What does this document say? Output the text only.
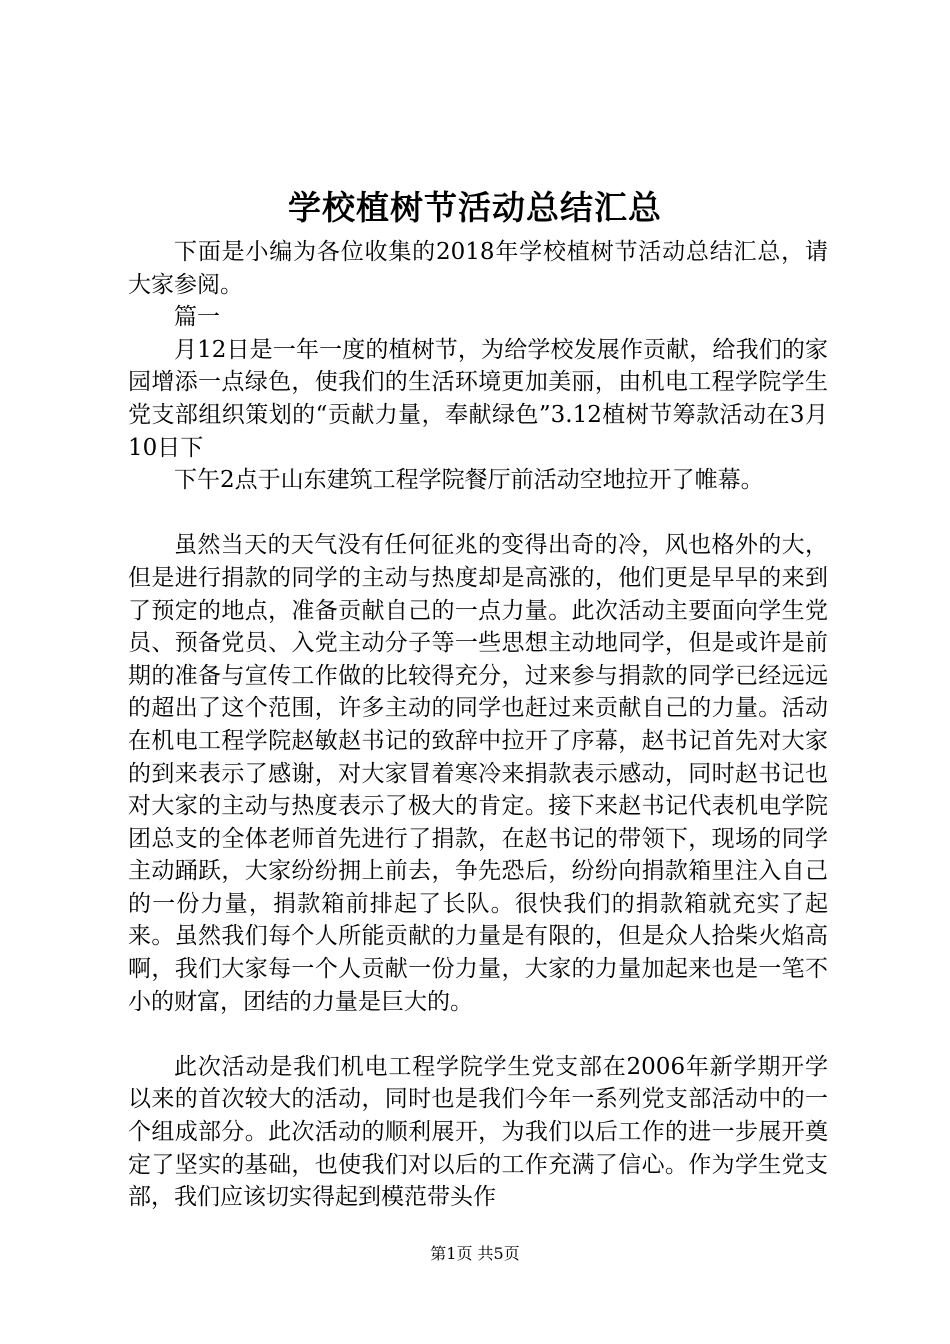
学校植树节活动总结汇总

下面是小编为各位收集的2018年学校植树节活动总结汇总，请大家参阅。

篇一

月12日是一年一度的植树节，为给学校发展作贡献，给我们的家园增添一点绿色，使我们的生活环境更加美丽，由机电工程学院学生党支部组织策划的“贡献力量，奉献绿色”3.12植树节筹款活动在3月10日下

下午2点于山东建筑工程学院餐厅前活动空地拉开了帷幕。

虽然当天的天气没有任何征兆的变得出奇的冷，风也格外的大，但是进行捐款的同学的主动与热度却是高涨的，他们更是早早的来到了预定的地点，准备贡献自己的一点力量。此次活动主要面向学生党员、预备党员、入党主动分子等一些思想主动地同学，但是或许是前期的准备与宣传工作做的比较得充分，过来参与捐款的同学已经远远的超出了这个范围，许多主动的同学也赶过来贡献自己的力量。活动在机电工程学院赵敏赵书记的致辞中拉开了序幕，赵书记首先对大家的到来表示了感谢，对大家冒着寒冷来捐款表示感动，同时赵书记也对大家的主动与热度表示了极大的肯定。接下来赵书记代表机电学院团总支的全体老师首先进行了捐款，在赵书记的带领下，现场的同学主动踊跃，大家纷纷拥上前去，争先恐后，纷纷向捐款箱里注入自己的一份力量，捐款箱前排起了长队。很快我们的捐款箱就充实了起来。虽然我们每个人所能贡献的力量是有限的，但是众人拾柴火焰高啊，我们大家每一个人贡献一份力量，大家的力量加起来也是一笔不小的财富，团结的力量是巨大的。

此次活动是我们机电工程学院学生党支部在2006年新学期开学以来的首次较大的活动，同时也是我们今年一系列党支部活动中的一个组成部分。此次活动的顺利展开，为我们以后工作的进一步展开奠定了坚实的基础，也使我们对以后的工作充满了信心。作为学生党支部，我们应该切实得起到模范带头作

第1页 共5页
